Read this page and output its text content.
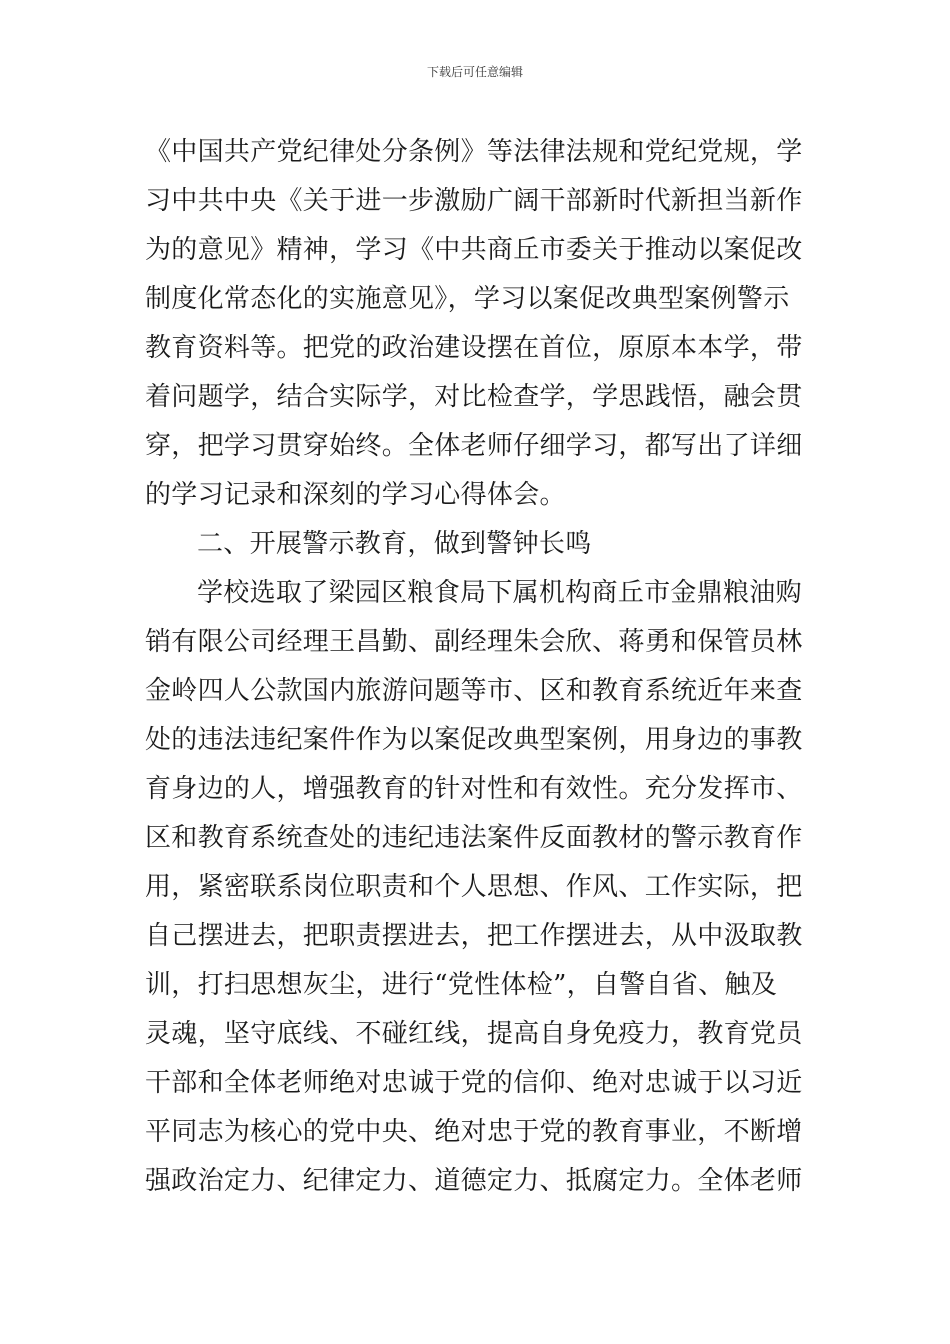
下载后可任意编辑
《中国共产党纪律处分条例》等法律法规和党纪党规，学
习中共中央《关于进一步激励广阔干部新时代新担当新作
为的意见》精神，学习《中共商丘市委关于推动以案促改
制度化常态化的实施意见》，学习以案促改典型案例警示
教育资料等。把党的政治建设摆在首位，原原本本学，带
着问题学，结合实际学，对比检查学，学思践悟，融会贯
穿，把学习贯穿始终。全体老师仔细学习，都写出了详细
的学习记录和深刻的学习心得体会。
二、开展警示教育，做到警钟长鸣
学校选取了梁园区粮食局下属机构商丘市金鼎粮油购
销有限公司经理王昌勤、副经理朱会欣、蒋勇和保管员林
金岭四人公款国内旅游问题等市、区和教育系统近年来查
处的违法违纪案件作为以案促改典型案例，用身边的事教
育身边的人，增强教育的针对性和有效性。充分发挥市、
区和教育系统查处的违纪违法案件反面教材的警示教育作
用，紧密联系岗位职责和个人思想、作风、工作实际，把
自己摆进去，把职责摆进去，把工作摆进去，从中汲取教
训，打扫思想灰尘，进行“党性体检”，自警自省、触及
灵魂，坚守底线、不碰红线，提高自身免疫力，教育党员
干部和全体老师绝对忠诚于党的信仰、绝对忠诚于以习近
平同志为核心的党中央、绝对忠于党的教育事业，不断增
强政治定力、纪律定力、道德定力、抵腐定力。全体老师
